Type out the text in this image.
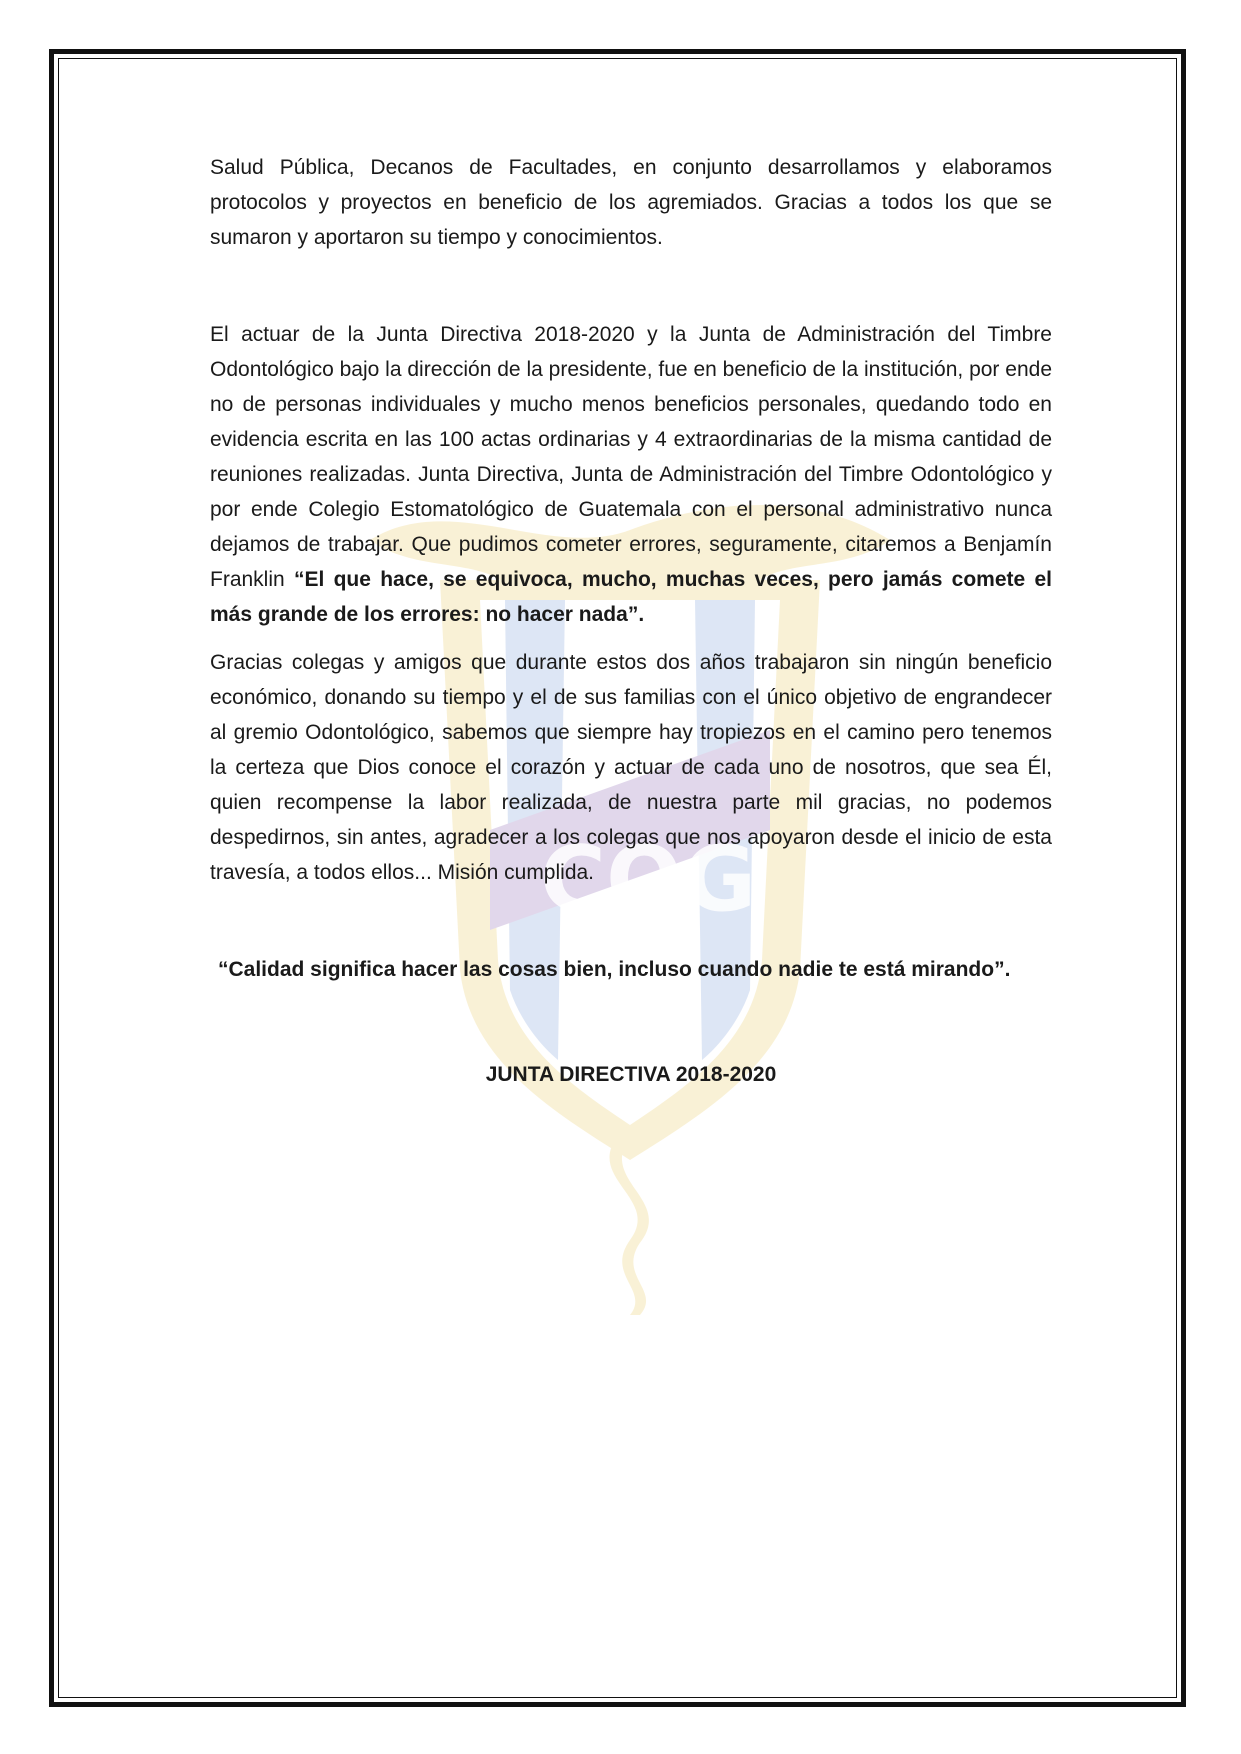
COG

Salud Pública, Decanos de Facultades, en conjunto desarrollamos y elaboramos protocolos y proyectos en beneficio de los agremiados. Gracias a todos los que se sumaron y aportaron su tiempo y conocimientos.

El actuar de la Junta Directiva 2018-2020 y la Junta de Administración del Timbre Odontológico bajo la dirección de la presidente, fue en beneficio de la institución, por ende no de personas individuales y mucho menos beneficios personales, quedando todo en evidencia escrita en las 100 actas ordinarias y 4 extraordinarias de la misma cantidad de reuniones realizadas. Junta Directiva, Junta de Administración del Timbre Odontológico y por ende Colegio Estomatológico de Guatemala con el personal administrativo nunca dejamos de trabajar. Que pudimos cometer errores, seguramente, citaremos a Benjamín Franklin “El que hace, se equivoca, mucho, muchas veces, pero jamás comete el más grande de los errores: no hacer nada”.

Gracias colegas y amigos que durante estos dos años trabajaron sin ningún beneficio económico, donando su tiempo y el de sus familias con el único objetivo de engrandecer al gremio Odontológico, sabemos que siempre hay tropiezos en el camino pero tenemos la certeza que Dios conoce el corazón y actuar de cada uno de nosotros, que sea Él, quien recompense la labor realizada, de nuestra parte mil gracias, no podemos despedirnos, sin antes, agradecer a los colegas que nos apoyaron desde el inicio de esta travesía, a todos ellos... Misión cumplida.

“Calidad significa hacer las cosas bien, incluso cuando nadie te está mirando”.

JUNTA DIRECTIVA 2018-2020
